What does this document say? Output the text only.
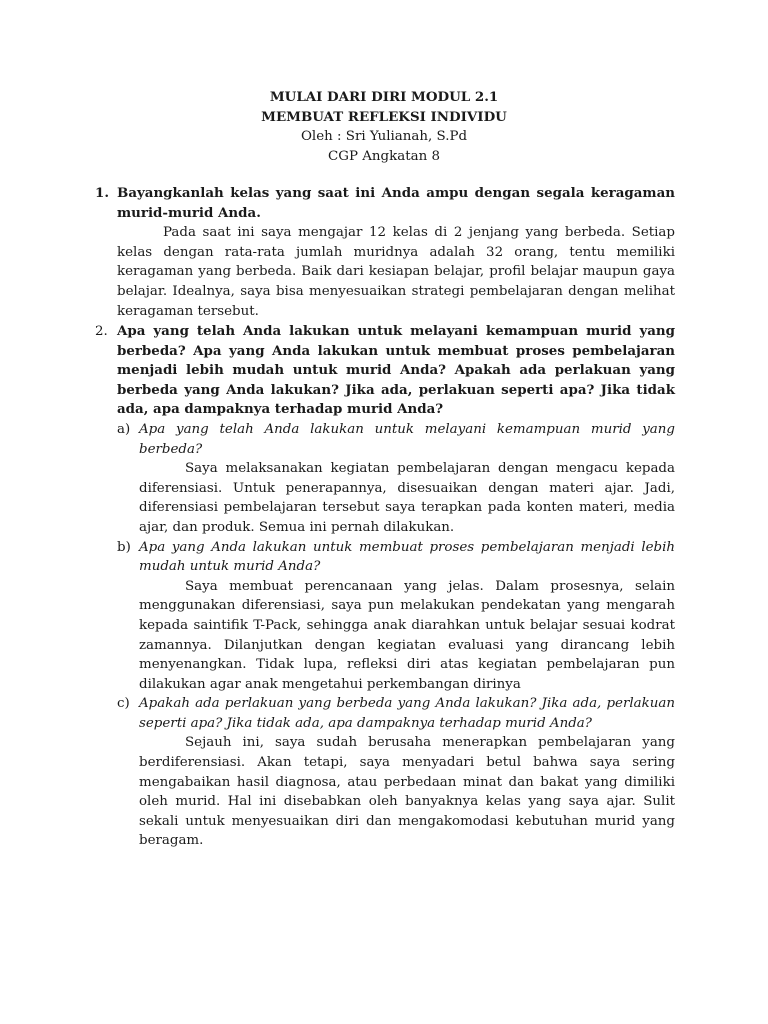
MULAI DARI DIRI MODUL 2.1
MEMBUAT REFLEKSI INDIVIDU
Oleh : Sri Yulianah, S.Pd
CGP Angkatan 8
1. Bayangkanlah kelas yang saat ini Anda ampu dengan segala keragaman murid-murid Anda.

Pada saat ini saya mengajar 12 kelas di 2 jenjang yang berbeda. Setiap kelas dengan rata-rata jumlah muridnya adalah 32 orang, tentu memiliki keragaman yang berbeda. Baik dari kesiapan belajar, profil belajar maupun gaya belajar. Idealnya, saya bisa menyesuaikan strategi pembelajaran dengan melihat keragaman tersebut.

2. Apa yang telah Anda lakukan untuk melayani kemampuan murid yang berbeda? Apa yang Anda lakukan untuk membuat proses pembelajaran menjadi lebih mudah untuk murid Anda? Apakah ada perlakuan yang berbeda yang Anda lakukan? Jika ada, perlakuan seperti apa? Jika tidak ada, apa dampaknya terhadap murid Anda?
a) Apa yang telah Anda lakukan untuk melayani kemampuan murid yang berbeda?

Saya melaksanakan kegiatan pembelajaran dengan mengacu kepada diferensiasi. Untuk penerapannya, disesuaikan dengan materi ajar. Jadi, diferensiasi pembelajaran tersebut saya terapkan pada konten materi, media ajar, dan produk. Semua ini pernah dilakukan.

b) Apa yang Anda lakukan untuk membuat proses pembelajaran menjadi lebih mudah untuk murid Anda?

Saya membuat perencanaan yang jelas. Dalam prosesnya, selain menggunakan diferensiasi, saya pun melakukan pendekatan yang mengarah kepada saintifik T-Pack, sehingga anak diarahkan untuk belajar sesuai kodrat zamannya. Dilanjutkan dengan kegiatan evaluasi yang dirancang lebih menyenangkan. Tidak lupa, refleksi diri atas kegiatan pembelajaran pun dilakukan agar anak mengetahui perkembangan dirinya

c) Apakah ada perlakuan yang berbeda yang Anda lakukan? Jika ada, perlakuan seperti apa? Jika tidak ada, apa dampaknya terhadap murid Anda?

Sejauh ini, saya sudah berusaha menerapkan pembelajaran yang berdiferensiasi. Akan tetapi, saya menyadari betul bahwa saya sering mengabaikan hasil diagnosa, atau perbedaan minat dan bakat yang dimiliki oleh murid. Hal ini disebabkan oleh banyaknya kelas yang saya ajar. Sulit sekali untuk menyesuaikan diri dan mengakomodasi kebutuhan murid yang beragam.
